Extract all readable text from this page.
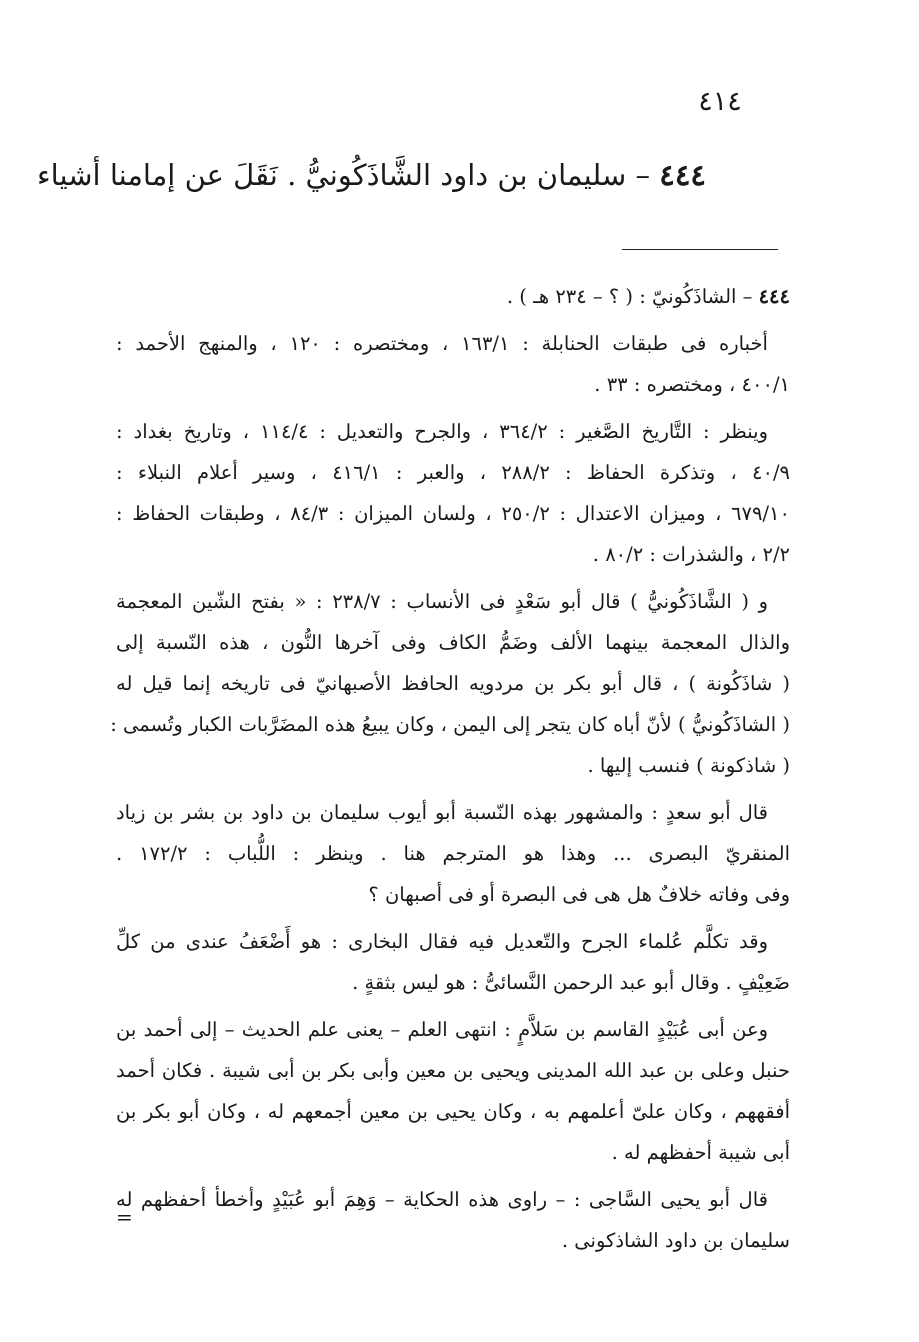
٤١٤
٤٤٤ – سليمان بن داود الشَّاذَكُونيُّ . نَقَلَ عن إمامنا أشياء
٤٤٤ – الشاذَكُونيّ : ( ؟ – ٢٣٤ هـ ) .
أخباره فى طبقات الحنابلة : ١٦٣/١ ، ومختصره : ١٢٠ ، والمنهج الأحمد :
٤٠٠/١ ، ومختصره : ٣٣ .
وينظر : التَّاريخ الصَّغير : ٣٦٤/٢ ، والجرح والتعديل : ١١٤/٤ ، وتاريخ بغداد :
٤٠/٩ ، وتذكرة الحفاظ : ٢٨٨/٢ ، والعبر : ٤١٦/١ ، وسير أعلام النبلاء :
٦٧٩/١٠ ، وميزان الاعتدال : ٢٥٠/٢ ، ولسان الميزان : ٨٤/٣ ، وطبقات الحفاظ :
٢/٢ ، والشذرات : ٨٠/٢ .
و ( الشَّاذَكُونيُّ ) قال أبو سَعْدٍ فى الأنساب : ٢٣٨/٧ : « بفتح الشّين المعجمة
والذال المعجمة بينهما الألف وضَمُّ الكاف وفى آخرها النُّون ، هذه النّسبة إلى
( شاذَكُونة ) ، قال أبو بكر بن مردويه الحافظ الأصبهانيّ فى تاريخه إنما قيل له
( الشاذَكُونيُّ ) لأنّ أباه كان يتجر إلى اليمن ، وكان يبيعُ هذه المضَرَّبات الكبار وتُسمى :
( شاذكونة ) فنسب إليها .
قال أبو سعدٍ : والمشهور بهذه النّسبة أبو أيوب سليمان بن داود بن بشر بن زياد
المنقريّ البصرى ... وهذا هو المترجم هنا . وينظر : اللُّباب : ١٧٢/٢ .
وفى وفاته خلافٌ هل هى فى البصرة أو فى أصبهان ؟
وقد تكلَّم عُلماء الجرح والتّعديل فيه فقال البخارى : هو أَضْعَفُ عندى من كلِّ
ضَعِيْفٍ . وقال أبو عبد الرحمن النَّسائىُّ : هو ليس بثقةٍ .
وعن أبى عُبَيْدٍ القاسم بن سَلاَّمٍ : انتهى العلم – يعنى علم الحديث – إلى أحمد بن
حنبل وعلى بن عبد الله المدينى ويحيى بن معين وأبى بكر بن أبى شيبة . فكان أحمد
أفقههم ، وكان علىّ أعلمهم به ، وكان يحيى بن معين أجمعهم له ، وكان أبو بكر بن
أبى شيبة أحفظهم له .
قال أبو يحيى السَّاجى : – راوى هذه الحكاية – وَهِمَ أبو عُبَيْدٍ وأخطأ أحفظهم له
سليمان بن داود الشاذكونى .
=
